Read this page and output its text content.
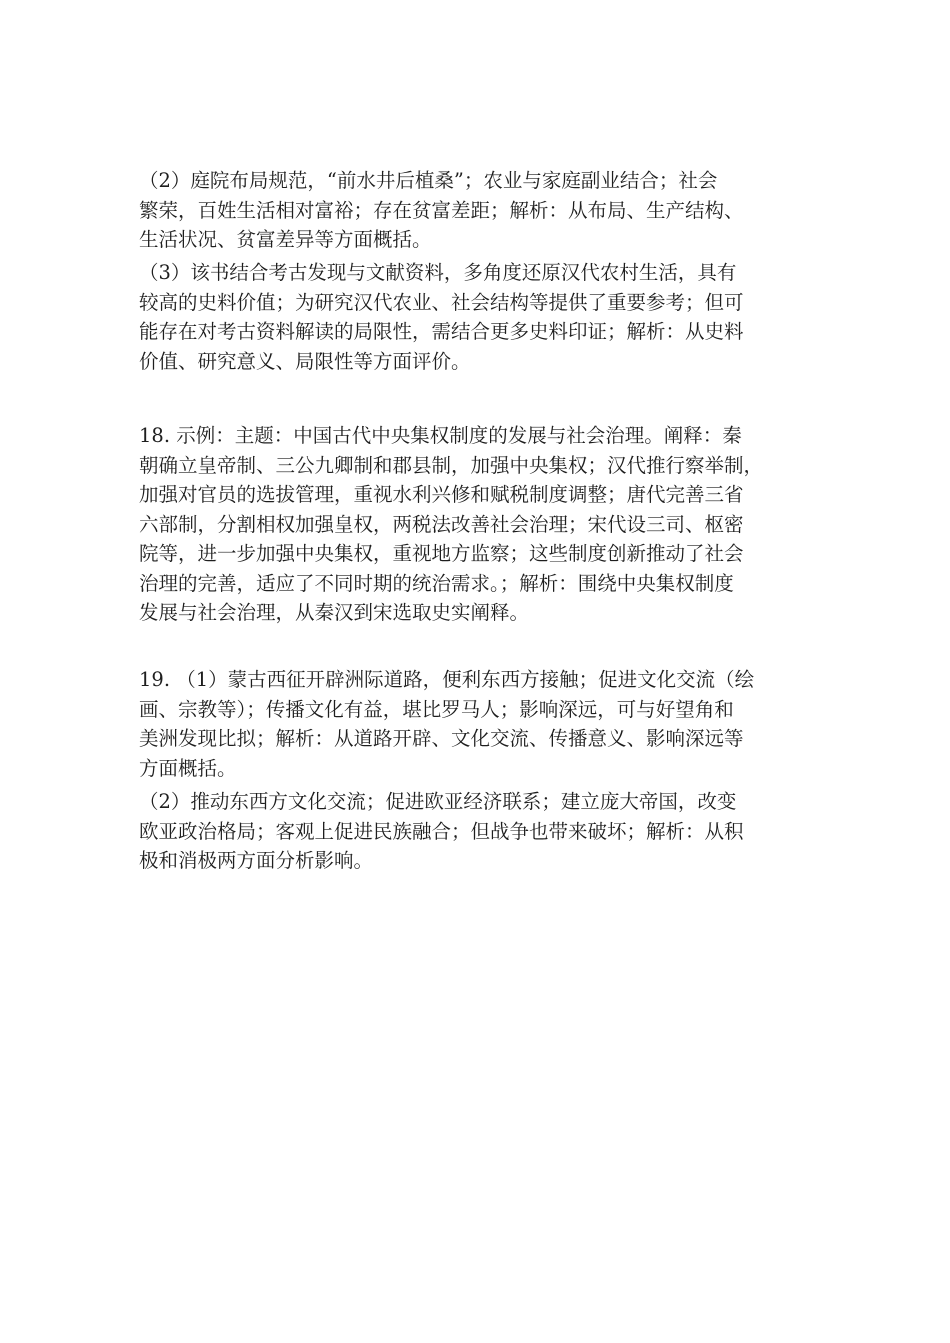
（2）庭院布局规范，“前水井后植桑”；农业与家庭副业结合；社会
繁荣，百姓生活相对富裕；存在贫富差距；解析：从布局、生产结构、
生活状况、贫富差异等方面概括。
（3）该书结合考古发现与文献资料，多角度还原汉代农村生活，具有
较高的史料价值；为研究汉代农业、社会结构等提供了重要参考；但可
能存在对考古资料解读的局限性，需结合更多史料印证；解析：从史料
价值、研究意义、局限性等方面评价。
18. 示例：主题：中国古代中央集权制度的发展与社会治理。阐释：秦
朝确立皇帝制、三公九卿制和郡县制，加强中央集权；汉代推行察举制，
加强对官员的选拔管理，重视水利兴修和赋税制度调整；唐代完善三省
六部制，分割相权加强皇权，两税法改善社会治理；宋代设三司、枢密
院等，进一步加强中央集权，重视地方监察；这些制度创新推动了社会
治理的完善，适应了不同时期的统治需求。；解析：围绕中央集权制度
发展与社会治理，从秦汉到宋选取史实阐释。
19. （1）蒙古西征开辟洲际道路，便利东西方接触；促进文化交流（绘
画、宗教等）；传播文化有益，堪比罗马人；影响深远，可与好望角和
美洲发现比拟；解析：从道路开辟、文化交流、传播意义、影响深远等
方面概括。
（2）推动东西方文化交流；促进欧亚经济联系；建立庞大帝国，改变
欧亚政治格局；客观上促进民族融合；但战争也带来破坏；解析：从积
极和消极两方面分析影响。
